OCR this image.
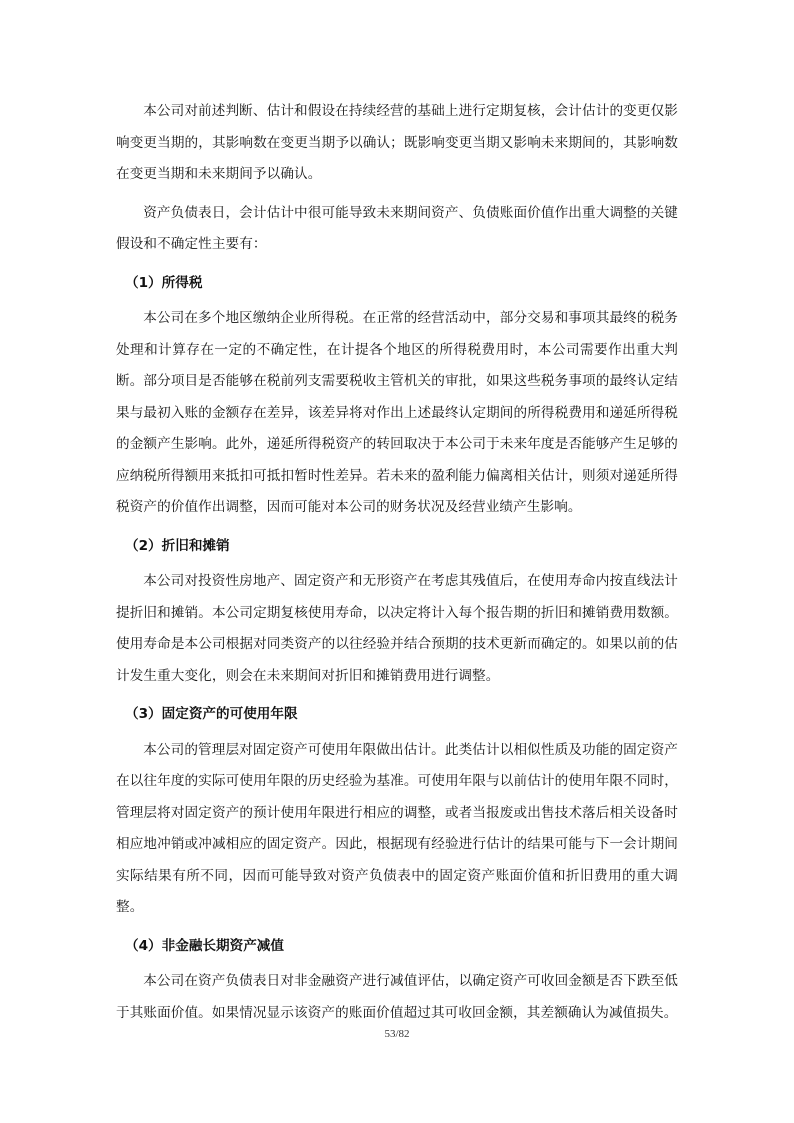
本公司对前述判断、估计和假设在持续经营的基础上进行定期复核，会计估计的变更仅影响变更当期的，其影响数在变更当期予以确认；既影响变更当期又影响未来期间的，其影响数在变更当期和未来期间予以确认。

资产负债表日，会计估计中很可能导致未来期间资产、负债账面价值作出重大调整的关键假设和不确定性主要有：

（1）所得税

本公司在多个地区缴纳企业所得税。在正常的经营活动中，部分交易和事项其最终的税务处理和计算存在一定的不确定性，在计提各个地区的所得税费用时，本公司需要作出重大判断。部分项目是否能够在税前列支需要税收主管机关的审批，如果这些税务事项的最终认定结果与最初入账的金额存在差异，该差异将对作出上述最终认定期间的所得税费用和递延所得税的金额产生影响。此外，递延所得税资产的转回取决于本公司于未来年度是否能够产生足够的应纳税所得额用来抵扣可抵扣暂时性差异。若未来的盈利能力偏离相关估计，则须对递延所得税资产的价值作出调整，因而可能对本公司的财务状况及经营业绩产生影响。

（2）折旧和摊销

本公司对投资性房地产、固定资产和无形资产在考虑其残值后，在使用寿命内按直线法计提折旧和摊销。本公司定期复核使用寿命，以决定将计入每个报告期的折旧和摊销费用数额。使用寿命是本公司根据对同类资产的以往经验并结合预期的技术更新而确定的。如果以前的估计发生重大变化，则会在未来期间对折旧和摊销费用进行调整。

（3）固定资产的可使用年限

本公司的管理层对固定资产可使用年限做出估计。此类估计以相似性质及功能的固定资产在以往年度的实际可使用年限的历史经验为基准。可使用年限与以前估计的使用年限不同时，管理层将对固定资产的预计使用年限进行相应的调整，或者当报废或出售技术落后相关设备时相应地冲销或冲减相应的固定资产。因此，根据现有经验进行估计的结果可能与下一会计期间实际结果有所不同，因而可能导致对资产负债表中的固定资产账面价值和折旧费用的重大调整。

（4）非金融长期资产减值

本公司在资产负债表日对非金融资产进行减值评估，以确定资产可收回金额是否下跌至低于其账面价值。如果情况显示该资产的账面价值超过其可收回金额，其差额确认为减值损失。

53/82
